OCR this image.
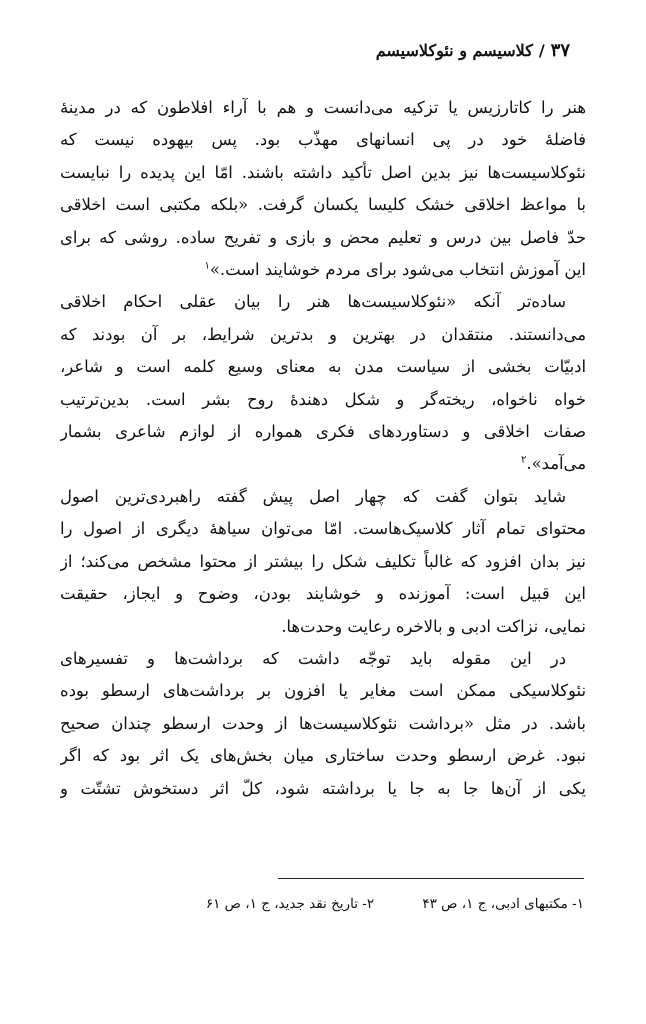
۳۷/کلاسیسم و نئوکلاسیسم

هنر را کاتارزیس یا تزکیه می‌دانست و هم با آراء افلاطون که در مدینهٔ
فاضلهٔ خود در پی انسانهای مهذّب بود. پس بیهوده نیست که
نئوکلاسیست‌ها نیز بدین اصل تأکید داشته باشند. امّا این پدیده را نبایست
با مواعظ اخلاقی خشک کلیسا یکسان گرفت. «بلکه مکتبی است اخلاقی
حدّ فاصل بین درس و تعلیم محض و بازی و تفریح ساده. روشی که برای
این آموزش انتخاب می‌شود برای مردم خوشایند است.»$^۱$

ساده‌تر آنکه «نئوکلاسیست‌ها هنر را بیان عقلی احکام اخلاقی
می‌دانستند. منتقدان در بهترین و بدترین شرایط، بر آن بودند که
ادبیّات بخشی از سیاست مدن به معنای وسیع کلمه است و شاعر،
خواه ناخواه، ریخته‌گر و شکل دهندهٔ روح بشر است. بدین‌ترتیب
صفات اخلاقی و دستاوردهای فکری همواره از لوازم شاعری بشمار
می‌آمد».$^۲$

شاید بتوان گفت که چهار اصل پیش گفته راهبردی‌ترین اصول
محتوای تمام آثار کلاسیک‌هاست. امّا می‌توان سیاههٔ دیگری از اصول را
نیز بدان افزود که غالباً تکلیف شکل را بیشتر از محتوا مشخص می‌کند؛ از
این قبیل است: آموزنده و خوشایند بودن، وضوح و ایجاز، حقیقت
نمایی، نزاکت ادبی و بالاخره رعایت وحدت‌ها.

در این مقوله باید توجّه داشت که برداشت‌ها و تفسیرهای
نئوکلاسیکی ممکن است مغایر یا افزون بر برداشت‌های ارسطو بوده
باشد. در مثل «برداشت نئوکلاسیست‌ها از وحدت ارسطو چندان صحیح
نبود. غرض ارسطو وحدت ساختاری میان بخش‌های یک اثر بود که اگر
یکی از آن‌ها جا به جا یا برداشته شود، کلّ اثر دستخوش تشتّت و

۱- مکتبهای ادبی، ج ۱، ص ۴۳ ۲- تاریخ نقد جدید، ج ۱، ص ۶۱
